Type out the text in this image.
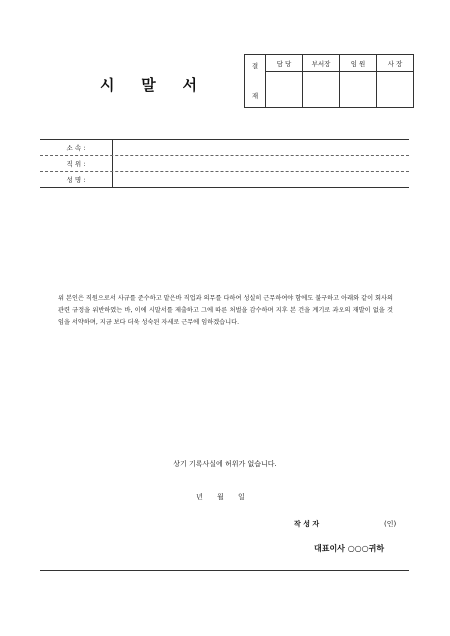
시 말 서
결

재	담 당	부서장	임 원	사 장

소 속 :
직 위 :
성 명 :
위 본인은 직원으로서 사규를 준수하고 맡은바 직업과 의무를 다하여 성실히 근무하여야 함에도 불구하고 아래와 같이 회사의 관련 규정을 위반하였는 바, 이에 시말서를 제출하고 그에 따른 처벌을 감수하며 지후 본 건을 계기로 과오의 재발이 없을 것임을 서약하며, 지금 보다 더욱 성숙된 자세로 근무에 임하겠습니다.
상기 기록사실에 허위가 없습니다.
년 월 일
작 성 자	(인)
대표이사 ○○○귀하
